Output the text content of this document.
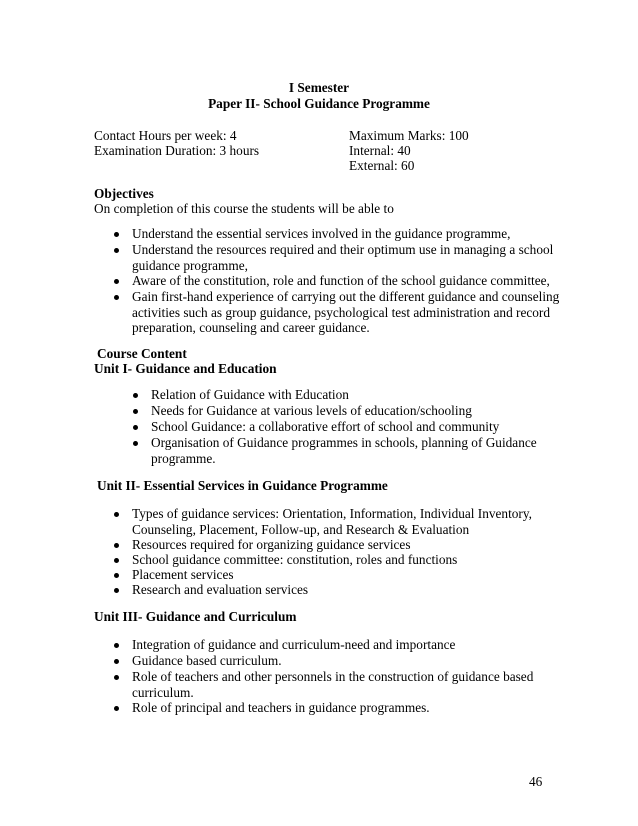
I Semester
Paper II- School Guidance Programme
Contact Hours per week: 4
Examination Duration: 3 hours
Maximum Marks: 100
Internal: 40
External: 60
Objectives
On completion of this course the students will be able to
Understand the essential services involved in the guidance programme,
Understand the resources required and their optimum use in managing a school
guidance programme,
Aware of the constitution, role and function of the school guidance committee,
Gain first-hand experience of carrying out the different guidance and counseling
activities such as group guidance, psychological test administration and record
preparation, counseling and career guidance.
Course Content
Unit I- Guidance and Education
Relation of Guidance with Education
Needs for Guidance at various levels of education/schooling
School Guidance: a collaborative effort of school and community
Organisation of Guidance programmes in schools, planning of Guidance
programme.
Unit II- Essential Services in Guidance Programme
Types of guidance services: Orientation, Information, Individual Inventory,
Counseling, Placement, Follow-up, and Research & Evaluation
Resources required for organizing guidance services
School guidance committee: constitution, roles and functions
Placement services
Research and evaluation services
Unit III- Guidance and Curriculum
Integration of guidance and curriculum-need and importance
Guidance based curriculum.
Role of teachers and other personnels in the construction of guidance based
curriculum.
Role of principal and teachers in guidance programmes.
46
